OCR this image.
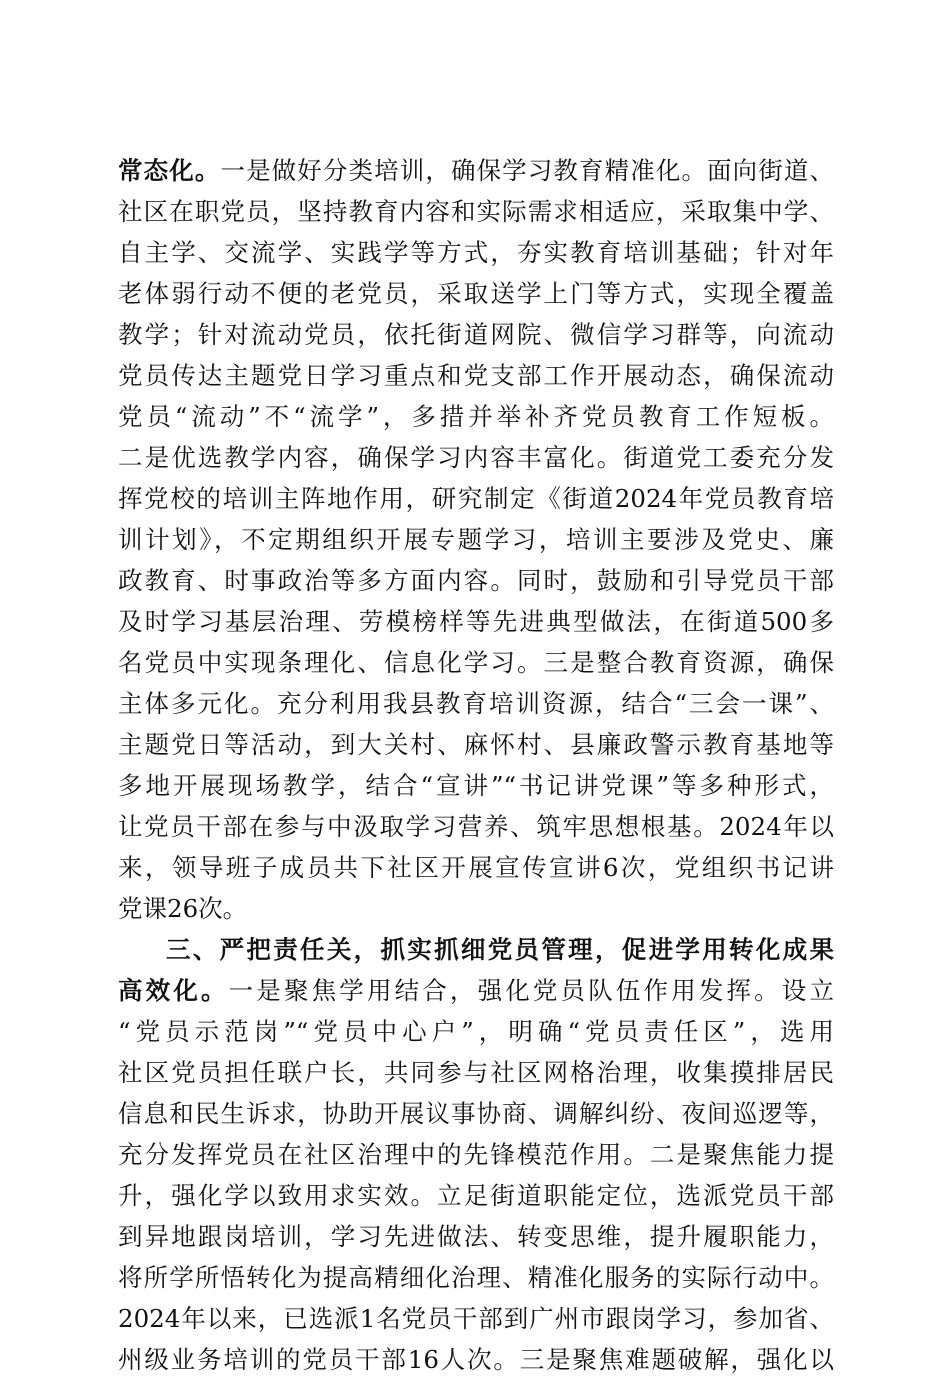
常态化。一是做好分类培训，确保学习教育精准化。面向街道、
社区在职党员，坚持教育内容和实际需求相适应，采取集中学、
自主学、交流学、实践学等方式，夯实教育培训基础；针对年
老体弱行动不便的老党员，采取送学上门等方式，实现全覆盖
教学；针对流动党员，依托街道网院、微信学习群等，向流动
党员传达主题党日学习重点和党支部工作开展动态，确保流动
党员“流动”不“流学”，多措并举补齐党员教育工作短板。
二是优选教学内容，确保学习内容丰富化。街道党工委充分发
挥党校的培训主阵地作用，研究制定《街道2024年党员教育培
训计划》，不定期组织开展专题学习，培训主要涉及党史、廉
政教育、时事政治等多方面内容。同时，鼓励和引导党员干部
及时学习基层治理、劳模榜样等先进典型做法，在街道500多
名党员中实现条理化、信息化学习。三是整合教育资源，确保
主体多元化。充分利用我县教育培训资源，结合“三会一课”、
主题党日等活动，到大关村、麻怀村、县廉政警示教育基地等
多地开展现场教学，结合“宣讲”“书记讲党课”等多种形式，
让党员干部在参与中汲取学习营养、筑牢思想根基。2024年以
来，领导班子成员共下社区开展宣传宣讲6次，党组织书记讲
党课26次。
三、严把责任关，抓实抓细党员管理，促进学用转化成果
高效化。一是聚焦学用结合，强化党员队伍作用发挥。设立
“党员示范岗”“党员中心户”，明确“党员责任区”，选用
社区党员担任联户长，共同参与社区网格治理，收集摸排居民
信息和民生诉求，协助开展议事协商、调解纠纷、夜间巡逻等，
充分发挥党员在社区治理中的先锋模范作用。二是聚焦能力提
升，强化学以致用求实效。立足街道职能定位，选派党员干部
到异地跟岗培训，学习先进做法、转变思维，提升履职能力，
将所学所悟转化为提高精细化治理、精准化服务的实际行动中。
2024年以来，已选派1名党员干部到广州市跟岗学习，参加省、
州级业务培训的党员干部16人次。三是聚焦难题破解，强化以
